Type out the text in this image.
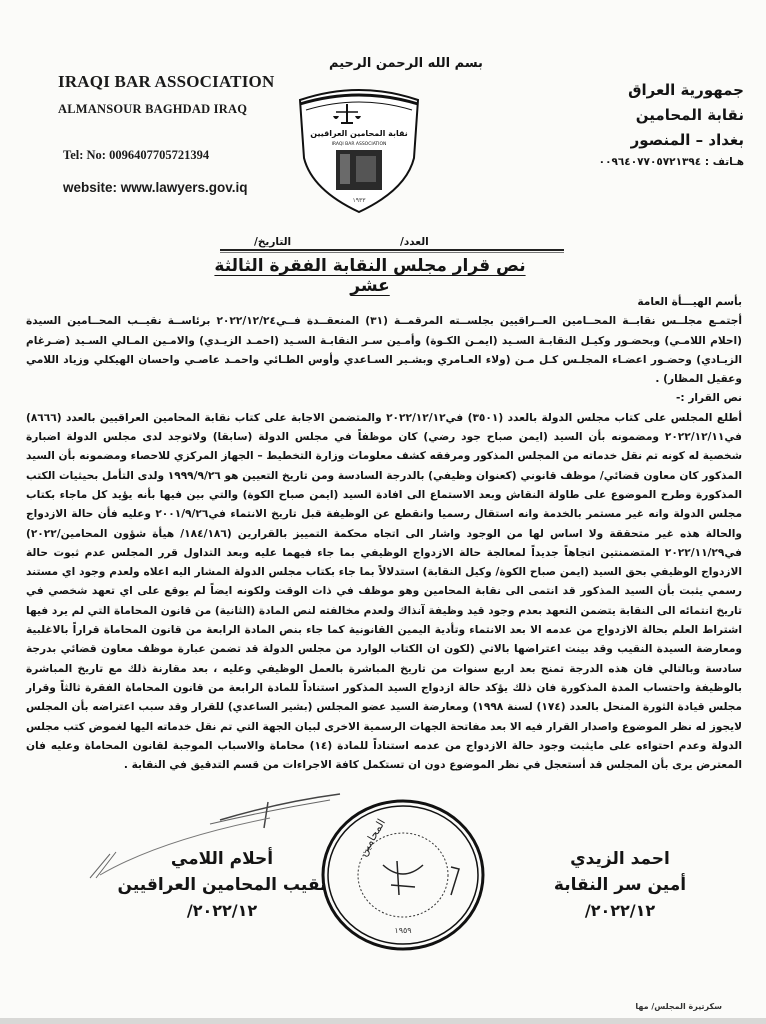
IRAQI BAR ASSOCIATION
ALMANSOUR BAGHDAD IRAQ
Tel: No: 0096407705721394
website: www.lawyers.gov.iq
بسم الله الرحمن الرحيم
نقابة المحامين العراقيين
IRAQI BAR ASSOCIATION
١٩٣٣
جمهورية العراق
نقابة المحامين
بغداد – المنصور
هـاتف : ٠٠٩٦٤٠٧٧٠٥٧٢١٣٩٤
العدد/
التاريخ/
نص قرار مجلس النقابة الفقرة الثالثة عشر

بأسم الهيـــأة العامة

أجتمـع مجلــس نقابــة المحــامين العــراقيين بجلســته المرقمــة (٣١) المنعقــدة فــي٢٠٢٢/١٢/٢٤ برئاســة نقيــب المحــامين السيدة (احلام اللامـي) وبحضـور وكيـل النقابـة السـيد (ايمـن الكـوة) وأمـين سـر النقابـة السـيد (احمـد الزيـدي) والامـين المـالي السـيد (ضـرغام الزيـادي) وحضـور اعضـاء المجلـس كـل مـن (ولاء العـامري وبشـير السـاعدي وأوس الطـائي واحمـد عاصـي واحسان الهيكلي وزياد اللامي وعقيل المظار) .

نص القرار :-

أطلع المجلس على كتاب مجلس الدولة بالعدد (٣٥٠١) في٢٠٢٢/١٢/١٢ والمتضمن الاجابة على كتاب نقابة المحامين العراقيين بالعدد (٨٦٦٦) في٢٠٢٢/١٢/١١ ومضمونه بأن السيد (ايمن صباح جود رضي) كان موظفاً في مجلس الدولة (سابقا) ولاتوجد لدى مجلس الدولة اضبارة شخصية له كونه تم نقل خدماته من المجلس المذكور ومرفقه كشف معلومات وزارة التخطيط – الجهاز المركزي للاحصاء ومضمونه بأن السيد المذكور كان معاون قضائي/ موظف قانوني (كعنوان وظيفي) بالدرجة السادسة ومن تاريخ التعيين هو ١٩٩٩/٩/٢٦ ولدى التأمل بحيثيات الكتب المذكورة وطرح الموضوع على طاولة النقاش وبعد الاستماع الى افادة السيد (ايمن صباح الكوة) والتي بين فيها بأنه يؤيد كل ماجاء بكتاب مجلس الدولة وانه غير مستمر بالخدمة وانه استقال رسميا وانقطع عن الوظيفة قبل تاريخ الانتماء في٢٠٠١/٩/٢٦ وعليه فأن حالة الازدواج والحالة هذه غير متحققة ولا اساس لها من الوجود واشار الى اتجاه محكمة التمييز بالقرارين (١٨٤/١٨٦/ هيأة شؤون المحامين/٢٠٢٢) في٢٠٢٢/١١/٢٩ المتضمنتين اتجاهاً جديداً لمعالجة حالة الازدواج الوظيفي بما جاء فيهما عليه وبعد التداول قرر المجلس عدم ثبوت حالة الازدواج الوظيفي بحق السيد (ايمن صباح الكوة/ وكيل النقابة) استدلالاً بما جاء بكتاب مجلس الدولة المشار اليه اعلاه ولعدم وجود اي مستند رسمي يثبت بأن السيد المذكور قد انتمى الى نقابة المحامين وهو موظف في ذات الوقت ولكونه ايضاً لم يوقع على اي تعهد شخصي في تاريخ انتمائه الى النقابة يتضمن التعهد بعدم وجود قيد وظيفة آنذاك ولعدم مخالفته لنص المادة (الثانية) من قانون المحاماة التي لم يرد فيها اشتراط العلم بحالة الازدواج من عدمه الا بعد الانتماء وتأدية اليمين القانونية كما جاء بنص المادة الرابعة من قانون المحاماة قراراً بالاغلبية ومعارضة السيدة النقيب وقد بينت اعتراضها بالاتي (لكون ان الكتاب الوارد من مجلس الدولة قد تضمن عبارة موظف معاون قضائي بدرجة سادسة وبالتالي فان هذه الدرجة تمنح بعد اربع سنوات من تاريخ المباشرة بالعمل الوظيفي وعليه ، بعد مقارنة ذلك مع تاريخ المباشرة بالوظيفة واحتساب المدة المذكورة فان ذلك يؤكد حالة ازدواج السيد المذكور استناداً للمادة الرابعة من قانون المحاماة الفقرة ثالثاً وقرار مجلس قيادة الثورة المنحل بالعدد (١٧٤) لسنة ١٩٩٨) ومعارضة السيد عضو المجلس (بشير الساعدي) للقرار وقد سبب اعتراضه بأن المجلس لايجوز له نظر الموضوع واصدار القرار فيه الا بعد مفاتحة الجهات الرسمية الاخرى لبيان الجهة التي تم نقل خدماته اليها لغموض كتب مجلس الدولة وعدم احتواءه على مايثبت وجود حالة الازدواج من عدمه استناداً للمادة (١٤) محاماة والاسباب الموجبة لقانون المحاماة وعليه فان المعترض يرى بأن المجلس قد أستعجل في نظر الموضوع دون ان تستكمل كافة الاجراءات من قسم التدقيق في النقابة .

المحامين
١٩٥٩
أحلام اللامي
نقيب المحامين العراقيين
٢٠٢٢/١٢/
احمد الزيدي
أمين سر النقابة
٢٠٢٢/١٢/
سكرتيرة المجلس/ مها
